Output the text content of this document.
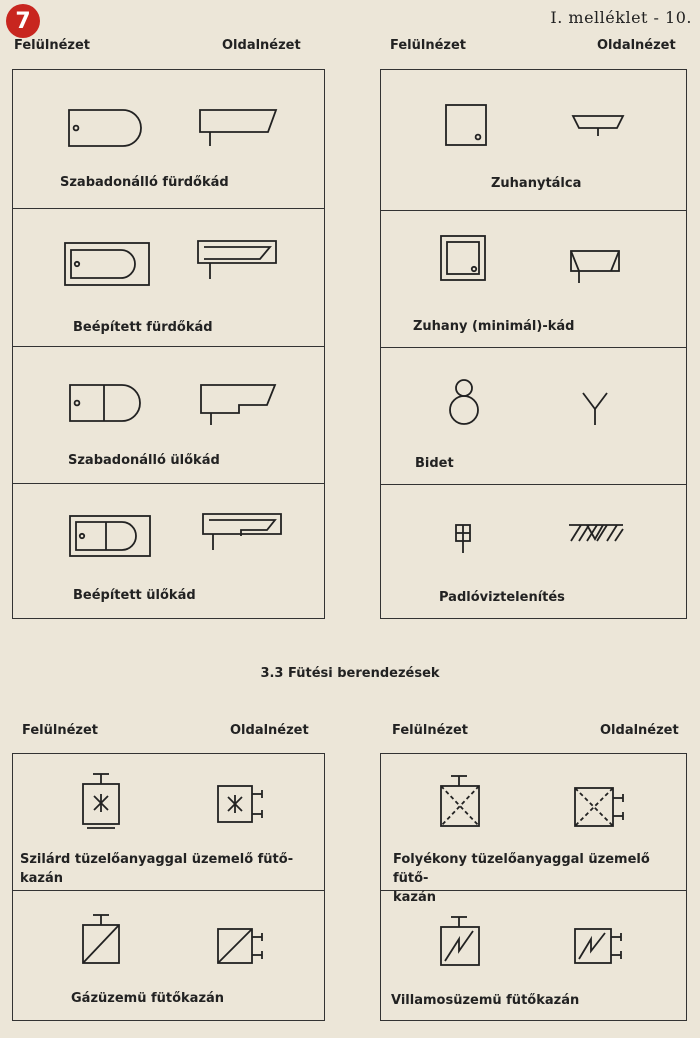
7	I. melléklet - 10.
Felülnézet	Oldalnézet	Felülnézet	Oldalnézet
Szabadonálló fürdőkád
Beépített fürdőkád
Szabadonálló ülőkád
Beépített ülőkád
Zuhanytálca
Zuhany (minimál)-kád
Bidet
Padlóviztelenítés
3.3 Fütési berendezések
Felülnézet	Oldalnézet	Felülnézet	Oldalnézet
Szilárd tüzelőanyaggal üzemelő fütő-
kazán
Gázüzemü fütőkazán
Folyékony tüzelőanyaggal üzemelő fütő-
kazán
Villamosüzemü fütőkazán
